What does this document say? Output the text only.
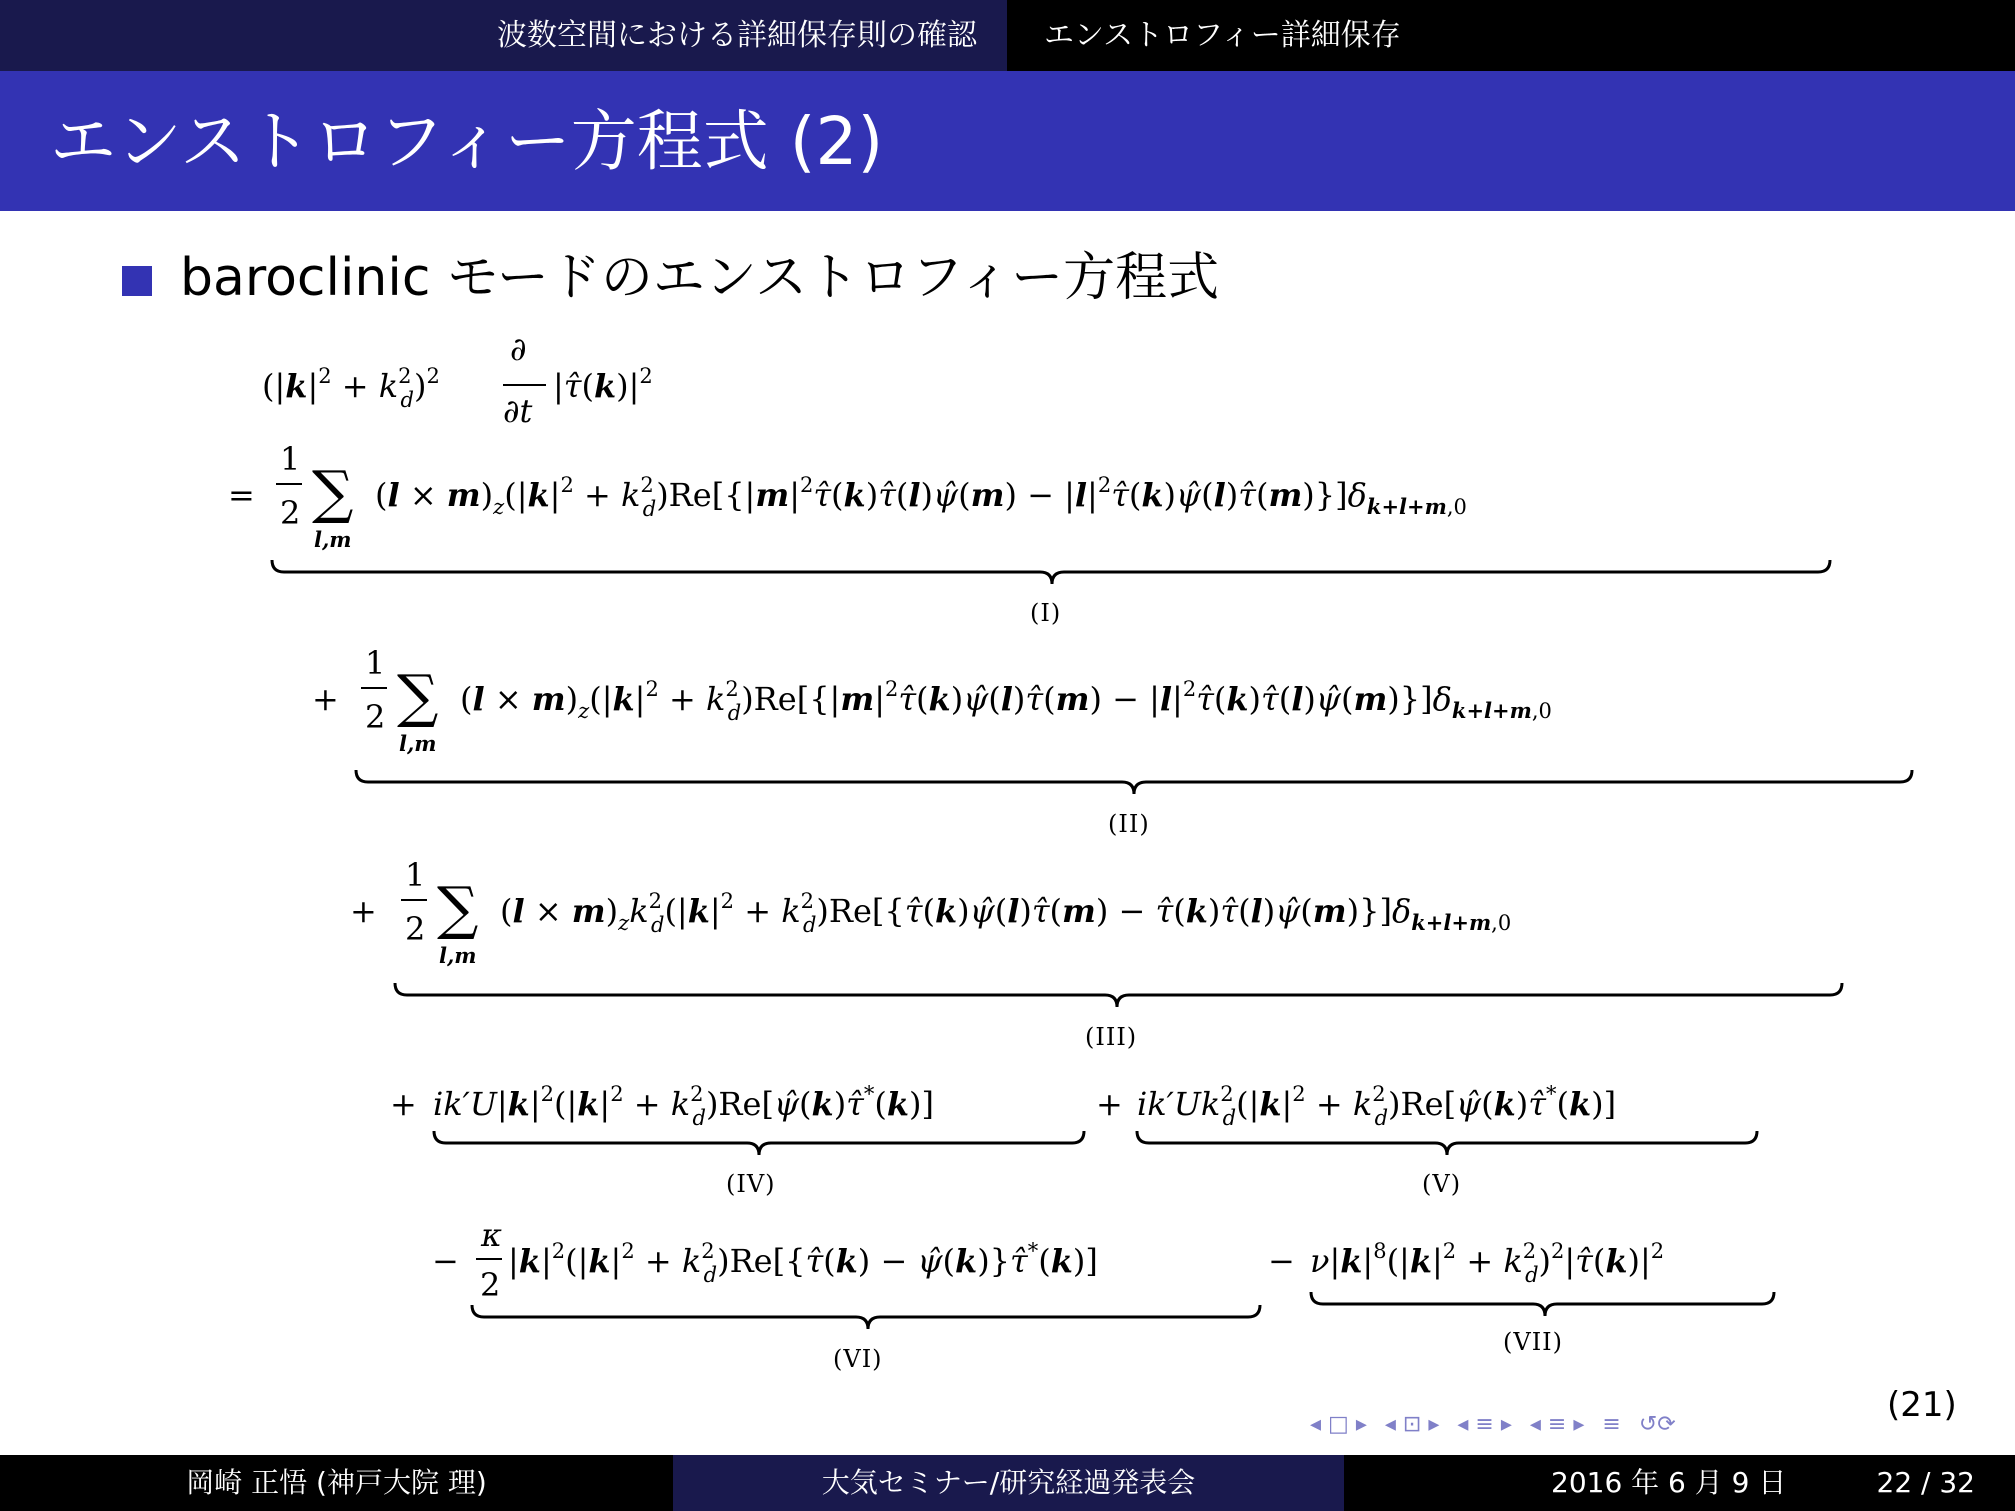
波数空間における詳細保存則の確認	エンストロフィー詳細保存
エンストロフィー方程式 (2)
baroclinic モードのエンストロフィー方程式
($|k|^2 + k^2$ d)$^2$
∂
∂t
$|\taû(k)|^2$
=
1
2 ∑
l,m
$(l \times m)_z(|k|^2 + k^2$ $d)Re[\{|m|^2\taû(k)\taû(l)\psî(m)$ − $|l|^2\taû(k)\psî(l)\taû(m)\}]\delta_{k+l+m},0$
(I)
+
1
2 ∑
l,m
$(l \times m)_z(|k|^2 + k^2$ $d)Re[\{|m|^2\taû(k)\psî(l)\taû(m)$ − $|l|^2\taû(k)\taû(l)\psî(m)\}]\delta_{k+l+m},0$
(II)
+
1
2 ∑
l,m
$(l \times m)_zk^2$ $d(|k|^2 + k^2$ d)Re[{τ̂(k)ψ̂(l)τ̂(m) − $\taû(k)\taû(l)\psî(m)\}]\delta_{k+l+m},0$
(III)
+ $ik'U|k|^2(|k|^2 + k^2$ d)Re[ψ̂(k)τ̂*(k)]
(IV)
+ $ik'Uk^2$ $d(|k|^2 + k^2$ d)Re[ψ̂(k)τ̂*(k)]
(V)
−
κ
2
$|k|^2(|k|^2 + k^2$ d)Re[{τ̂(k) − ψ̂(k)}τ̂*(k)]
(VI)
− $\nu|k|^8(|k|^2 + k^2$ $d)^2|\taû(k)|^2$
(VII)
(21)
◂ □ ▸ ◂ ⊡ ▸ ◂ ≡ ▸ ◂ ≡ ▸ ≡ ↺⟳
岡崎 正悟 (神戸大院 理)	大気セミナー/研究経過発表会	2016 年 6 月 9 日	22 / 32
